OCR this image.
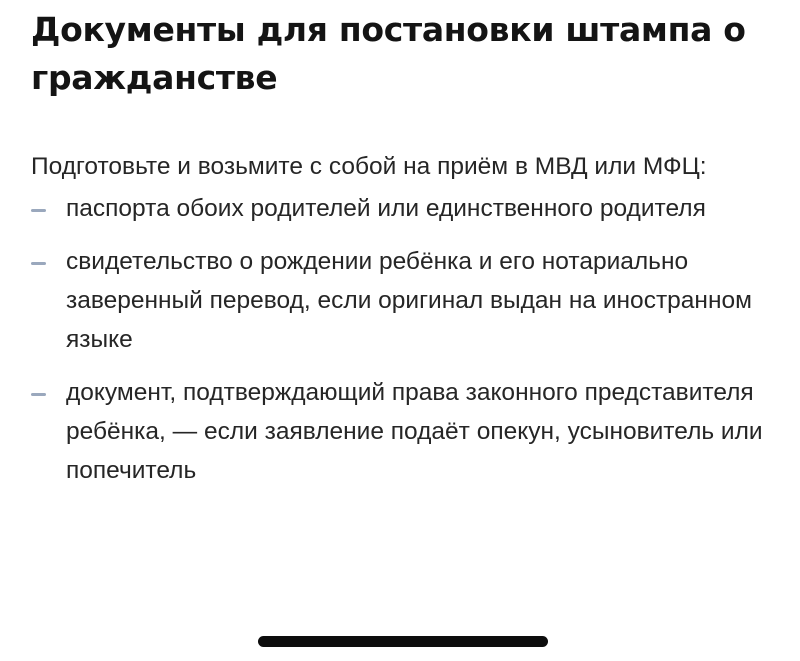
Документы для постановки штампа о гражданстве

Подготовьте и возьмите с собой на приём в МВД или МФЦ:

паспорта обоих родителей или единственного родителя
свидетельство о рождении ребёнка и его нотариально заверенный перевод, если оригинал выдан на иностранном языке
документ, подтверждающий права законного представителя ребёнка, — если заявление подаёт опекун, усыновитель или попечитель
